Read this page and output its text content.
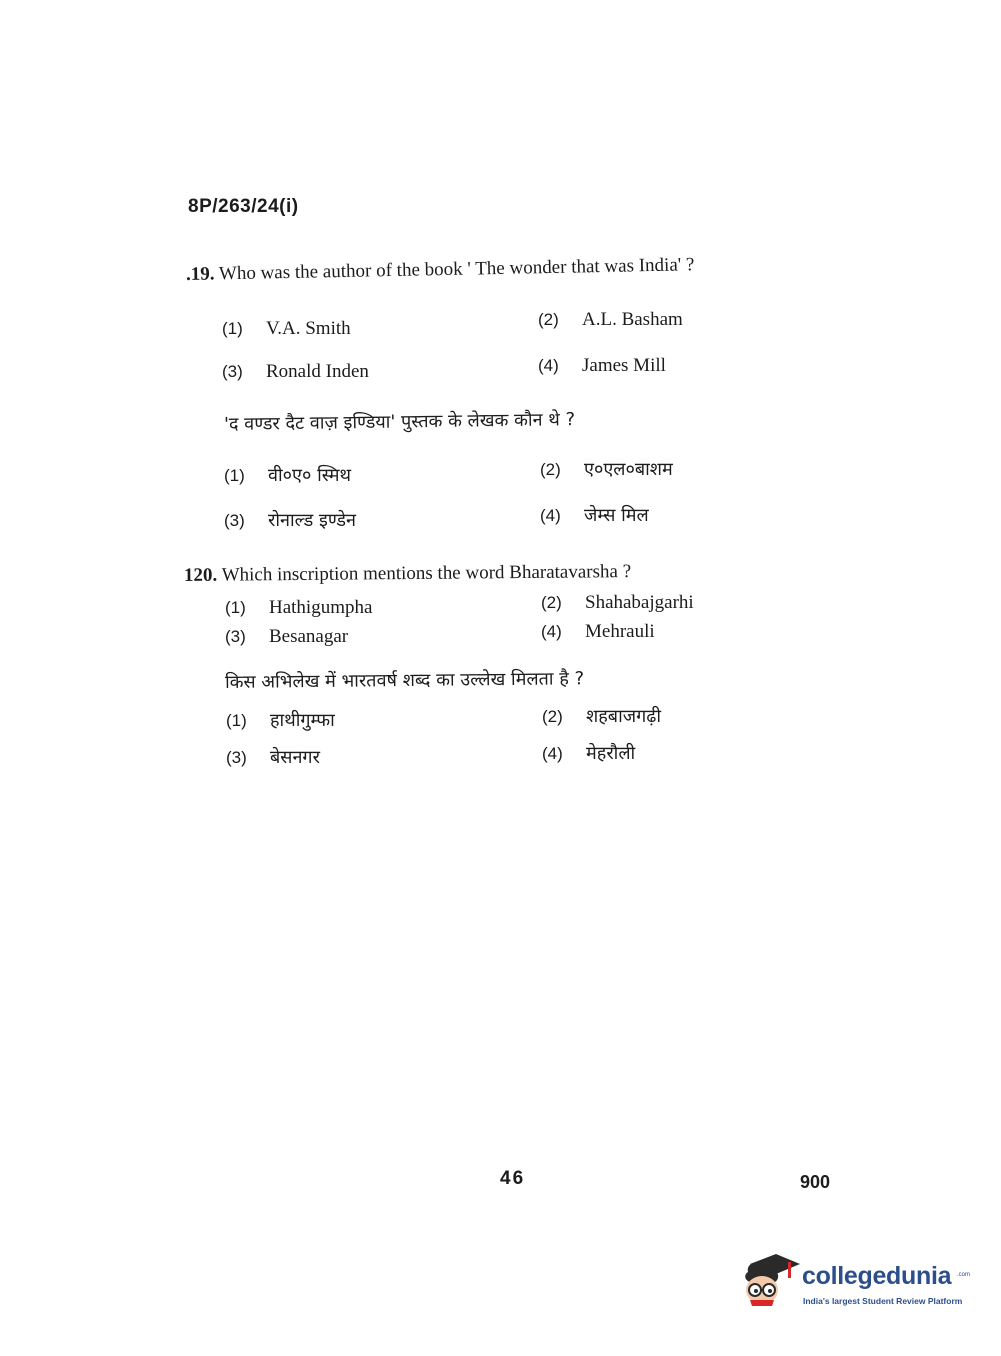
8P/263/24(i)
.19. Who was the author of the book ' The wonder that was India' ?
(1) V.A. Smith	(2) A.L. Basham
(3) Ronald Inden	(4) James Mill
'द वण्डर दैट वाज़ इण्डिया' पुस्तक के लेखक कौन थे ?
(1) वी०ए० स्मिथ	(2) ए०एल०बाशम
(3) रोनाल्ड इण्डेन	(4) जेम्स मिल
120. Which inscription mentions the word Bharatavarsha ?
(1) Hathigumpha	(2) Shahabajgarhi
(3) Besanagar	(4) Mehrauli
किस अभिलेख में भारतवर्ष शब्द का उल्लेख मिलता है ?
(1) हाथीगुम्फा	(2) शहबाजगढ़ी
(3) बेसनगर	(4) मेहरौली
46	900
collegedunia .com
India's largest Student Review Platform
